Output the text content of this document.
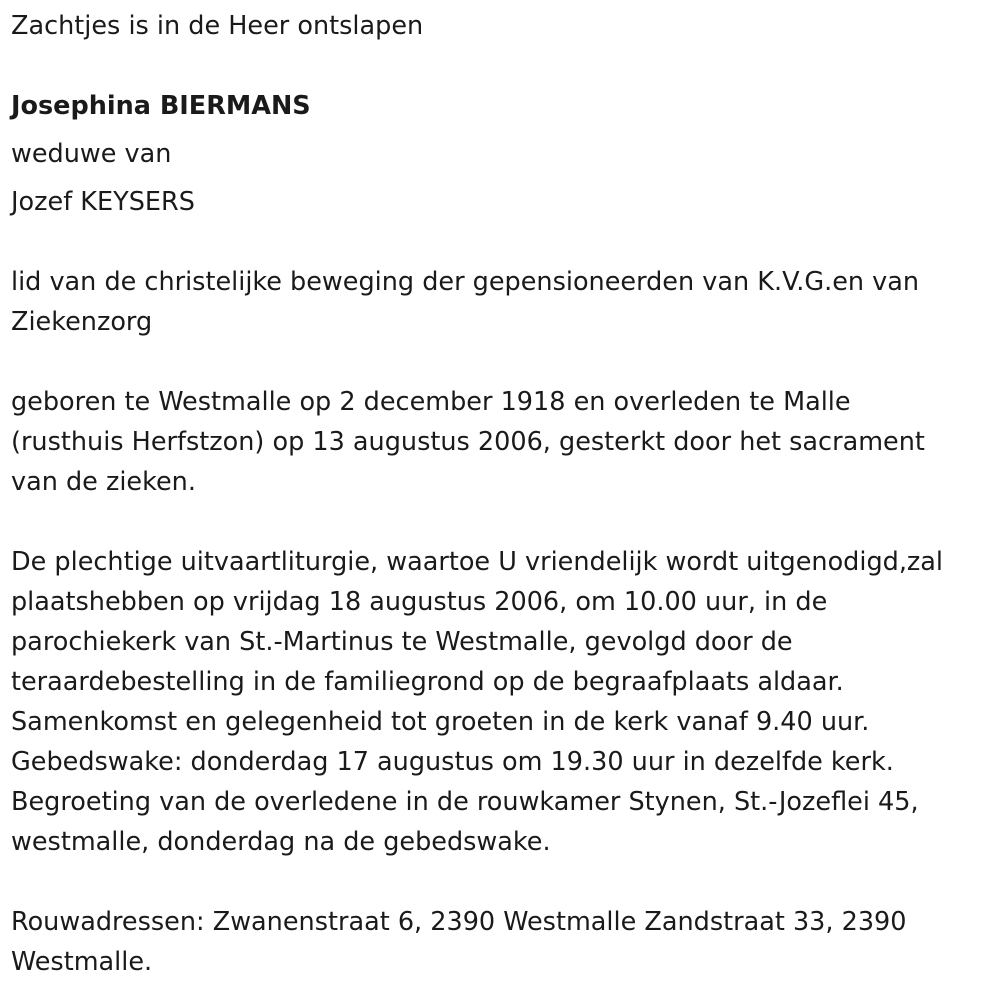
Zachtjes is in de Heer ontslapen

Josephina BIERMANS

weduwe van

Jozef KEYSERS

lid van de christelijke beweging der gepensioneerden van K.V.G.en van
Ziekenzorg
geboren te Westmalle op 2 december 1918 en overleden te Malle
(rusthuis Herfstzon) op 13 augustus 2006, gesterkt door het sacrament
van de zieken.
De plechtige uitvaartliturgie, waartoe U vriendelijk wordt uitgenodigd,zal
plaatshebben op vrijdag 18 augustus 2006, om 10.00 uur, in de
parochiekerk van St.-Martinus te Westmalle, gevolgd door de
teraardebestelling in de familiegrond op de begraafplaats aldaar.
Samenkomst en gelegenheid tot groeten in de kerk vanaf 9.40 uur.
Gebedswake: donderdag 17 augustus om 19.30 uur in dezelfde kerk.
Begroeting van de overledene in de rouwkamer Stynen, St.-Jozeflei 45,
westmalle, donderdag na de gebedswake.
Rouwadressen: Zwanenstraat 6, 2390 Westmalle Zandstraat 33, 2390
Westmalle.
